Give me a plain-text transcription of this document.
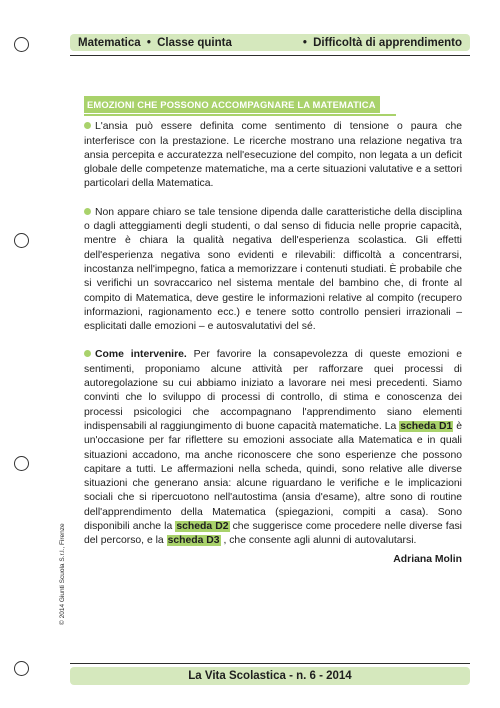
Matematica • Classe quinta	• Difficoltà di apprendimento
EMOZIONI CHE POSSONO ACCOMPAGNARE LA MATEMATICA

L'ansia può essere definita come sentimento di tensione o paura che interferisce con la prestazione. Le ricerche mostrano una relazione negativa tra ansia percepita e accuratezza nell'esecuzione del compito, non legata a un deficit globale delle competenze matematiche, ma a certe situazioni valutative e a settori particolari della Matematica.

Non appare chiaro se tale tensione dipenda dalle caratteristiche della disciplina o dagli atteggiamenti degli studenti, o dal senso di fiducia nelle proprie capacità, mentre è chiara la qualità negativa dell'esperienza scolastica. Gli effetti dell'esperienza negativa sono evidenti e rilevabili: difficoltà a concentrarsi, incostanza nell'impegno, fatica a memorizzare i contenuti studiati. È probabile che si verifichi un sovraccarico nel sistema mentale del bambino che, di fronte al compito di Matematica, deve gestire le informazioni relative al compito (recupero informazioni, ragionamento ecc.) e tenere sotto controllo pensieri irrazionali – esplicitati dalle emozioni – e autosvalutativi del sé.

Come intervenire. Per favorire la consapevolezza di queste emozioni e sentimenti, proponiamo alcune attività per rafforzare quei processi di autoregolazione su cui abbiamo iniziato a lavorare nei mesi precedenti. Siamo convinti che lo sviluppo di processi di controllo, di stima e conoscenza dei processi psicologici che accompagnano l'apprendimento siano elementi indispensabili al raggiungimento di buone capacità matematiche. La scheda D1 è un'occasione per far riflettere su emozioni associate alla Matematica e in quali situazioni accadono, ma anche riconoscere che sono esperienze che possono capitare a tutti. Le affermazioni nella scheda, quindi, sono relative alle diverse situazioni che generano ansia: alcune riguardano le verifiche e le implicazioni sociali che si ripercuotono nell'autostima (ansia d'esame), altre sono di routine dell'apprendimento della Matematica (spiegazioni, compiti a casa). Sono disponibili anche la scheda D2 che suggerisce come procedere nelle diverse fasi del percorso, e la scheda D3 , che consente agli alunni di autovalutarsi.

Adriana Molin
© 2014 Giunti Scuola S.r.l., Firenze
La Vita Scolastica - n. 6 - 2014
